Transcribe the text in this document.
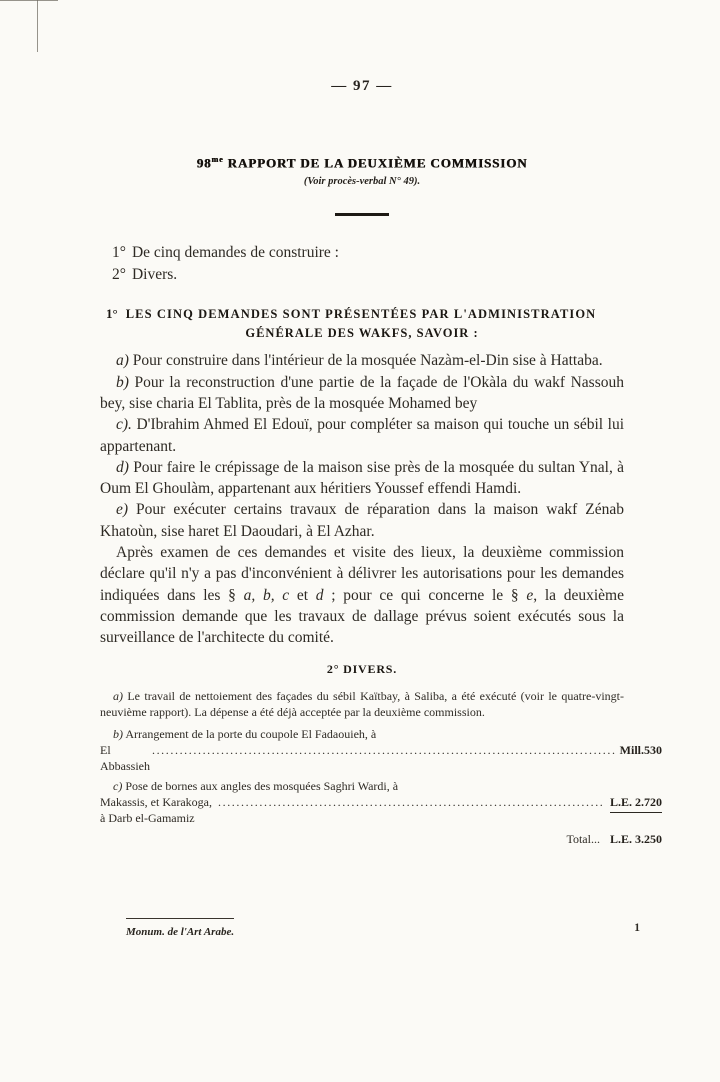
— 97 —
$98^{me}$ RAPPORT DE LA DEUXIÈME COMMISSION
(Voir procès-verbal N° 49).
1° De cinq demandes de construire :
2° Divers.
1° LES CINQ DEMANDES SONT PRÉSENTÉES PAR L'ADMINISTRATION
GÉNÉRALE DES WAKFS, SAVOIR :

a) Pour construire dans l'intérieur de la mosquée Nazàm-el-Din sise à Hattaba.

b) Pour la reconstruction d'une partie de la façade de l'Okàla du wakf Nassouh bey, sise charia El Tablita, près de la mosquée Mohamed bey

c). D'Ibrahim Ahmed El Edouï, pour compléter sa maison qui touche un sébil lui appartenant.

d) Pour faire le crépissage de la maison sise près de la mosquée du sultan Ynal, à Oum El Ghoulàm, appartenant aux héritiers Youssef effendi Hamdi.

e) Pour exécuter certains travaux de réparation dans la maison wakf Zénab Khatoùn, sise haret El Daoudari, à El Azhar.

Après examen de ces demandes et visite des lieux, la deuxième commission déclare qu'il n'y a pas d'inconvénient à délivrer les autorisations pour les demandes indiquées dans les § a, b, c et d ; pour ce qui concerne le § e, la deuxième commission demande que les travaux de dallage prévus soient exécutés sous la surveillance de l'architecte du comité.

2° DIVERS.

a) Le travail de nettoiement des façades du sébil Kaïtbay, à Saliba, a été exécuté (voir le quatre-vingt-neuvième rapport). La dépense a été déjà acceptée par la deuxième commission.

b) Arrangement de la porte du coupole El Fadaouieh, à
El Abbassieh
.....
Mill.530
c) Pose de bornes aux angles des mosquées Saghri Wardi, à
Makassis, et Karakoga, à Darb el-Gamamiz
.....
L.E. 2.720
Total... L.E. 3.250
Monum. de l'Art Arabe.	1
